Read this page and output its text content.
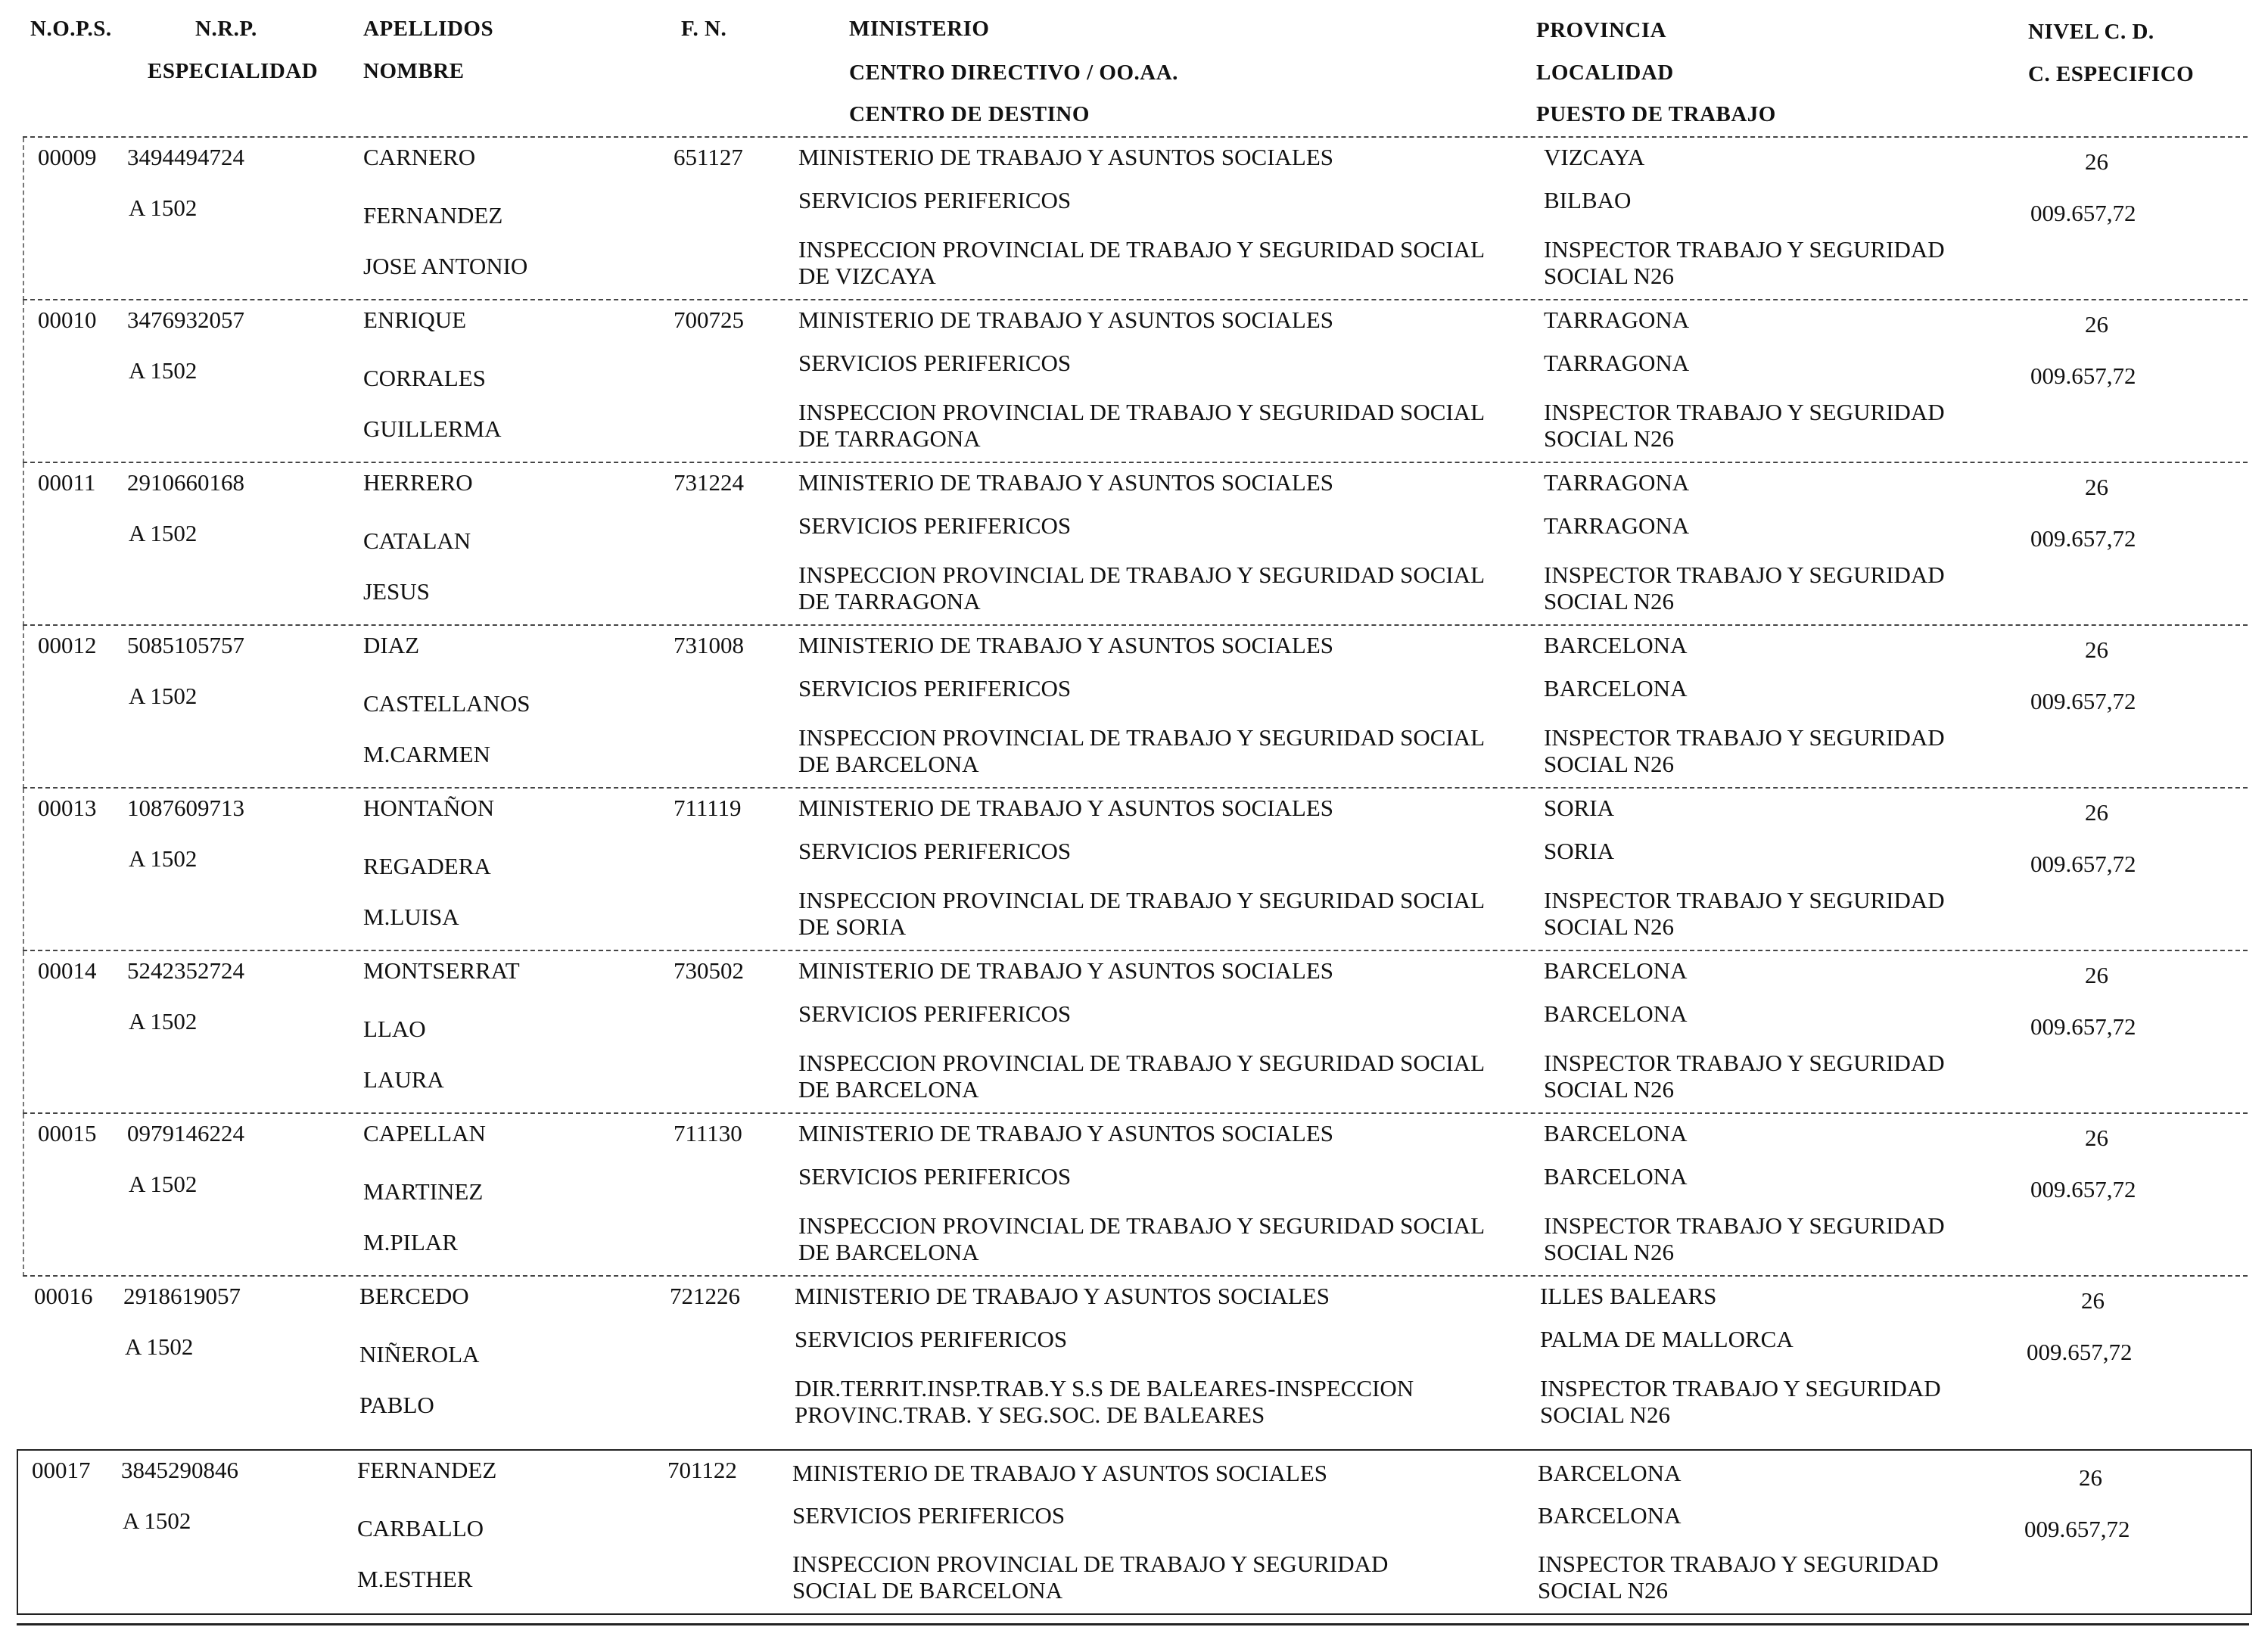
N.O.P.S.	N.R.P.
ESPECIALIDAD
APELLIDOS
NOMBRE
F. N.	MINISTERIO
CENTRO DIRECTIVO / OO.AA.
CENTRO DE DESTINO
PROVINCIA
LOCALIDAD
PUESTO DE TRABAJO
NIVEL C. D.
C. ESPECIFICO
00009 3494494724
A 1502
CARNERO
FERNANDEZ
JOSE ANTONIO
651127 MINISTERIO DE TRABAJO Y ASUNTOS SOCIALES
SERVICIOS PERIFERICOS
INSPECCION PROVINCIAL DE TRABAJO Y SEGURIDAD SOCIAL DE VIZCAYA
VIZCAYA
BILBAO
INSPECTOR TRABAJO Y SEGURIDAD SOCIAL N26
26
009.657,72
00010 3476932057
A 1502
ENRIQUE
CORRALES
GUILLERMA
700725 MINISTERIO DE TRABAJO Y ASUNTOS SOCIALES
SERVICIOS PERIFERICOS
INSPECCION PROVINCIAL DE TRABAJO Y SEGURIDAD SOCIAL DE TARRAGONA
TARRAGONA
TARRAGONA
INSPECTOR TRABAJO Y SEGURIDAD SOCIAL N26
26
009.657,72
00011 2910660168
A 1502
HERRERO
CATALAN
JESUS
731224 MINISTERIO DE TRABAJO Y ASUNTOS SOCIALES
SERVICIOS PERIFERICOS
INSPECCION PROVINCIAL DE TRABAJO Y SEGURIDAD SOCIAL DE TARRAGONA
TARRAGONA
TARRAGONA
INSPECTOR TRABAJO Y SEGURIDAD SOCIAL N26
26
009.657,72
00012 5085105757
A 1502
DIAZ
CASTELLANOS
M.CARMEN
731008 MINISTERIO DE TRABAJO Y ASUNTOS SOCIALES
SERVICIOS PERIFERICOS
INSPECCION PROVINCIAL DE TRABAJO Y SEGURIDAD SOCIAL DE BARCELONA
BARCELONA
BARCELONA
INSPECTOR TRABAJO Y SEGURIDAD SOCIAL N26
26
009.657,72
00013 1087609713
A 1502
HONTAÑON
REGADERA
M.LUISA
711119 MINISTERIO DE TRABAJO Y ASUNTOS SOCIALES
SERVICIOS PERIFERICOS
INSPECCION PROVINCIAL DE TRABAJO Y SEGURIDAD SOCIAL DE SORIA
SORIA
SORIA
INSPECTOR TRABAJO Y SEGURIDAD SOCIAL N26
26
009.657,72
00014 5242352724
A 1502
MONTSERRAT
LLAO
LAURA
730502 MINISTERIO DE TRABAJO Y ASUNTOS SOCIALES
SERVICIOS PERIFERICOS
INSPECCION PROVINCIAL DE TRABAJO Y SEGURIDAD SOCIAL DE BARCELONA
BARCELONA
BARCELONA
INSPECTOR TRABAJO Y SEGURIDAD SOCIAL N26
26
009.657,72
00015 0979146224
A 1502
CAPELLAN
MARTINEZ
M.PILAR
711130 MINISTERIO DE TRABAJO Y ASUNTOS SOCIALES
SERVICIOS PERIFERICOS
INSPECCION PROVINCIAL DE TRABAJO Y SEGURIDAD SOCIAL DE BARCELONA
BARCELONA
BARCELONA
INSPECTOR TRABAJO Y SEGURIDAD SOCIAL N26
26
009.657,72
00016 2918619057
A 1502
BERCEDO
NIÑEROLA
PABLO
721226 MINISTERIO DE TRABAJO Y ASUNTOS SOCIALES
SERVICIOS PERIFERICOS
DIR.TERRIT.INSP.TRAB.Y S.S DE BALEARES-INSPECCION PROVINC.TRAB. Y SEG.SOC. DE BALEARES
ILLES BALEARS
PALMA DE MALLORCA
INSPECTOR TRABAJO Y SEGURIDAD SOCIAL N26
26
009.657,72
00017 3845290846
A 1502
FERNANDEZ
CARBALLO
M.ESTHER
701122 MINISTERIO DE TRABAJO Y ASUNTOS SOCIALES
SERVICIOS PERIFERICOS
INSPECCION PROVINCIAL DE TRABAJO Y SEGURIDAD SOCIAL DE BARCELONA
BARCELONA
BARCELONA
INSPECTOR TRABAJO Y SEGURIDAD SOCIAL N26
26
009.657,72
